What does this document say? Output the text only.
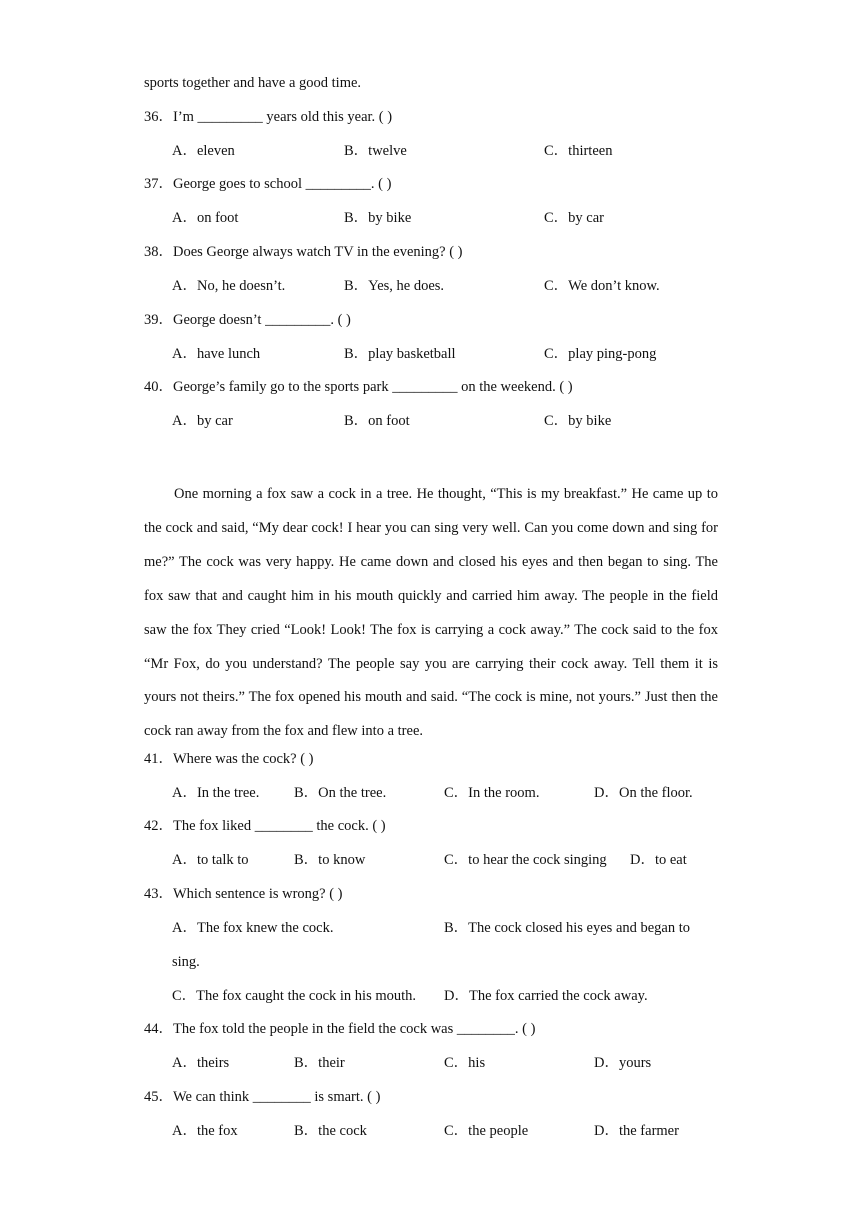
sports together and have a good time.
36．I’m _________ years old this year. ( )
A．eleven	B．twelve	C．thirteen
37．George goes to school _________. ( )
A．on foot	B．by bike	C．by car
38．Does George always watch TV in the evening? ( )
A．No, he doesn’t.	B．Yes, he does.	C．We don’t know.
39．George doesn’t _________. ( )
A．have lunch	B．play basketball	C．play ping-pong
40．George’s family go to the sports park _________ on the weekend. ( )
A．by car	B．on foot	C．by bike
One morning a fox saw a cock in a tree. He thought, “This is my breakfast.” He came up to the cock and said, “My dear cock! I hear you can sing very well. Can you come down and sing for me?” The cock was very happy. He came down and closed his eyes and then began to sing. The fox saw that and caught him in his mouth quickly and carried him away. The people in the field saw the fox They cried “Look! Look! The fox is carrying a cock away.” The cock said to the fox “Mr Fox, do you understand? The people say you are carrying their cock away. Tell them it is yours not theirs.” The fox opened his mouth and said. “The cock is mine, not yours.” Just then the cock ran away from the fox and flew into a tree.
41．Where was the cock? ( )
A．In the tree. B．On the tree.	C．In the room.	D．On the floor.
42．The fox liked ________ the cock. ( )
A．to talk to	B．to know	C．to hear the cock singing D．to eat
43．Which sentence is wrong? ( )
A．The fox knew the cock.	B．The cock closed his eyes and began to
sing.
C．The fox caught the cock in his mouth. D．The fox carried the cock away.
44．The fox told the people in the field the cock was ________. ( )
A．theirs	B．their	C．his	D．yours
45．We can think ________ is smart. ( )
A．the fox	B．the cock	C．the people	D．the farmer
